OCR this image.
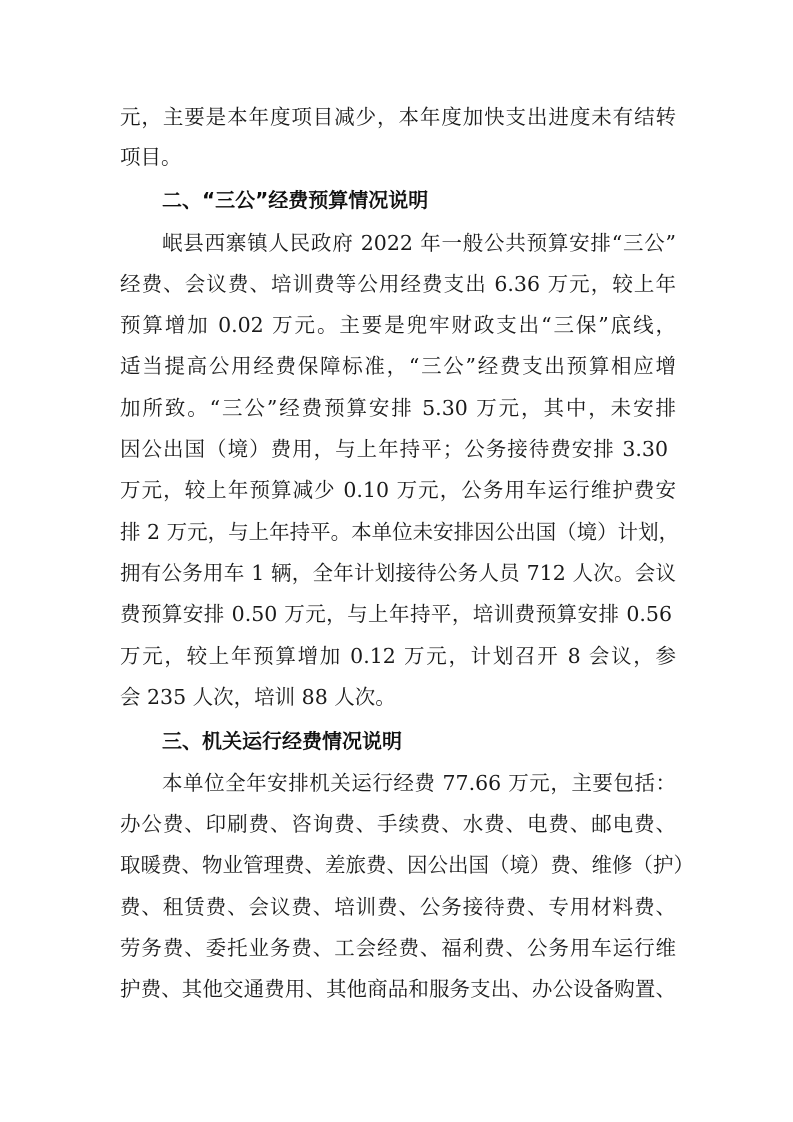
元，主要是本年度项目减少，本年度加快支出进度未有结转
项目。
二、“三公”经费预算情况说明
岷县西寨镇人民政府 2022 年一般公共预算安排“三公”
经费、会议费、培训费等公用经费支出 6.36 万元，较上年
预算增加 0.02 万元。主要是兜牢财政支出“三保”底线，
适当提高公用经费保障标准，“三公”经费支出预算相应增
加所致。“三公”经费预算安排 5.30 万元，其中，未安排
因公出国（境）费用，与上年持平；公务接待费安排 3.30
万元，较上年预算减少 0.10 万元，公务用车运行维护费安
排 2 万元，与上年持平。本单位未安排因公出国（境）计划，
拥有公务用车 1 辆，全年计划接待公务人员 712 人次。会议
费预算安排 0.50 万元，与上年持平，培训费预算安排 0.56
万元，较上年预算增加 0.12 万元，计划召开 8 会议，参
会 235 人次，培训 88 人次。
三、机关运行经费情况说明
本单位全年安排机关运行经费 77.66 万元，主要包括：
办公费、印刷费、咨询费、手续费、水费、电费、邮电费、
取暖费、物业管理费、差旅费、因公出国（境）费、维修（护）
费、租赁费、会议费、培训费、公务接待费、专用材料费、
劳务费、委托业务费、工会经费、福利费、公务用车运行维
护费、其他交通费用、其他商品和服务支出、办公设备购置、
